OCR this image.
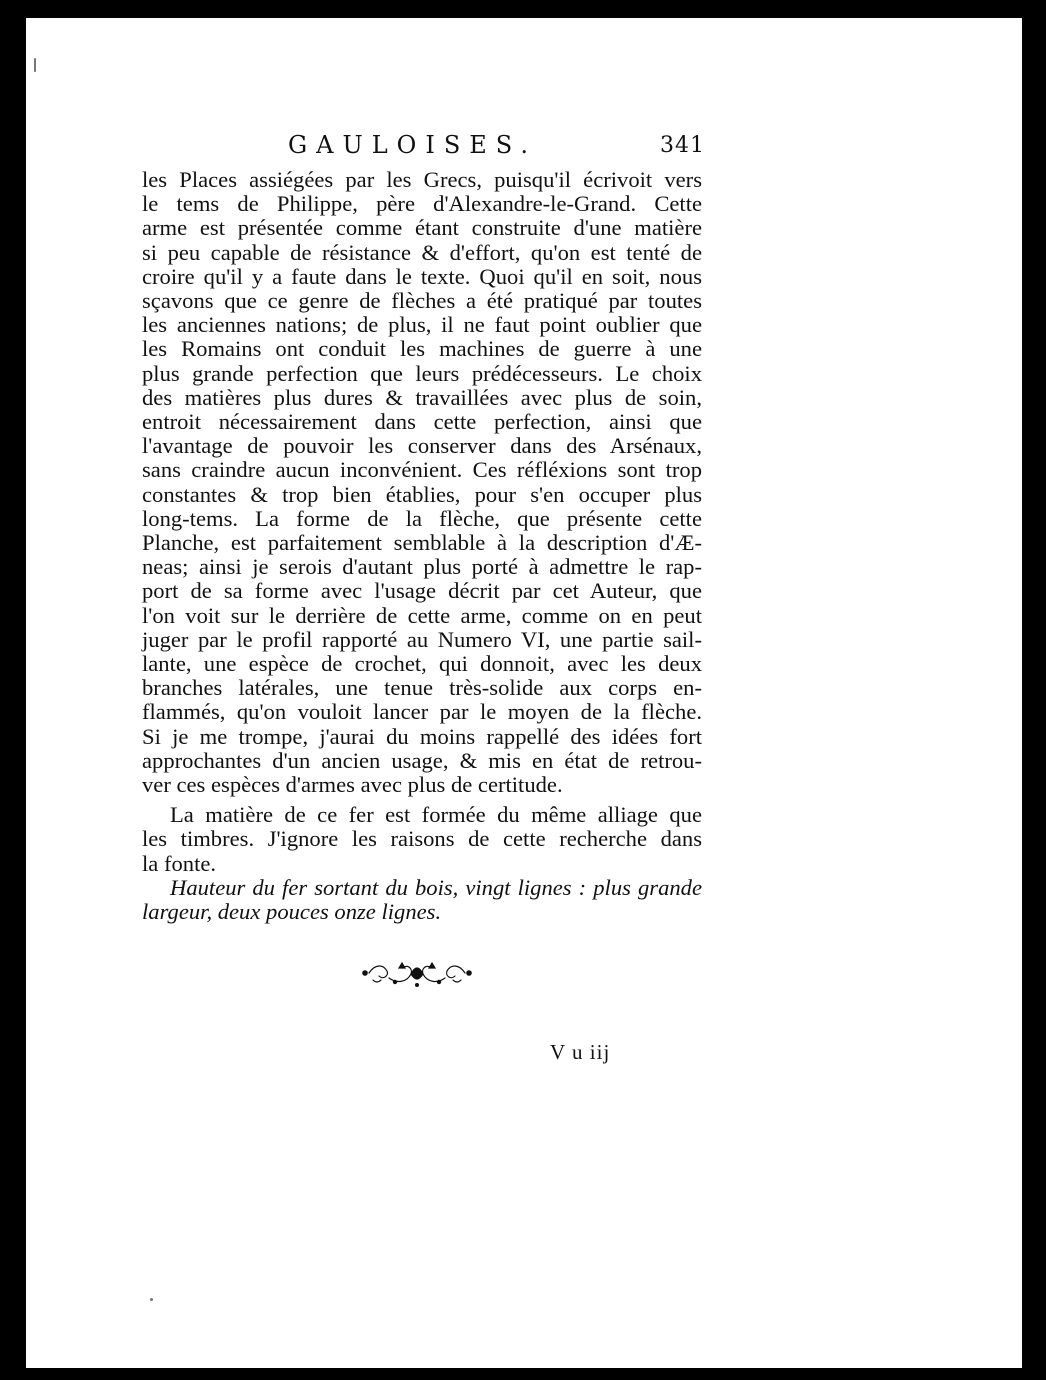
GAULOISES.	341
les Places assiégées par les Grecs, puisqu'il écrivoit vers
le tems de Philippe, père d'Alexandre-le-Grand. Cette
arme est présentée comme étant construite d'une matière
si peu capable de résistance & d'effort, qu'on est tenté de
croire qu'il y a faute dans le texte. Quoi qu'il en soit, nous
sçavons que ce genre de flèches a été pratiqué par toutes
les anciennes nations; de plus, il ne faut point oublier que
les Romains ont conduit les machines de guerre à une
plus grande perfection que leurs prédécesseurs. Le choix
des matières plus dures & travaillées avec plus de soin,
entroit nécessairement dans cette perfection, ainsi que
l'avantage de pouvoir les conserver dans des Arsénaux,
sans craindre aucun inconvénient. Ces réfléxions sont trop
constantes & trop bien établies, pour s'en occuper plus
long-tems. La forme de la flèche, que présente cette
Planche, est parfaitement semblable à la description d'Æ-
neas; ainsi je serois d'autant plus porté à admettre le rap-
port de sa forme avec l'usage décrit par cet Auteur, que
l'on voit sur le derrière de cette arme, comme on en peut
juger par le profil rapporté au Numero VI, une partie sail-
lante, une espèce de crochet, qui donnoit, avec les deux
branches latérales, une tenue très-solide aux corps en-
flammés, qu'on vouloit lancer par le moyen de la flèche.
Si je me trompe, j'aurai du moins rappellé des idées fort
approchantes d'un ancien usage, & mis en état de retrou-
ver ces espèces d'armes avec plus de certitude.
La matière de ce fer est formée du même alliage que
les timbres. J'ignore les raisons de cette recherche dans
la fonte.
Hauteur du fer sortant du bois, vingt lignes : plus grande
largeur, deux pouces onze lignes.
V u iij
